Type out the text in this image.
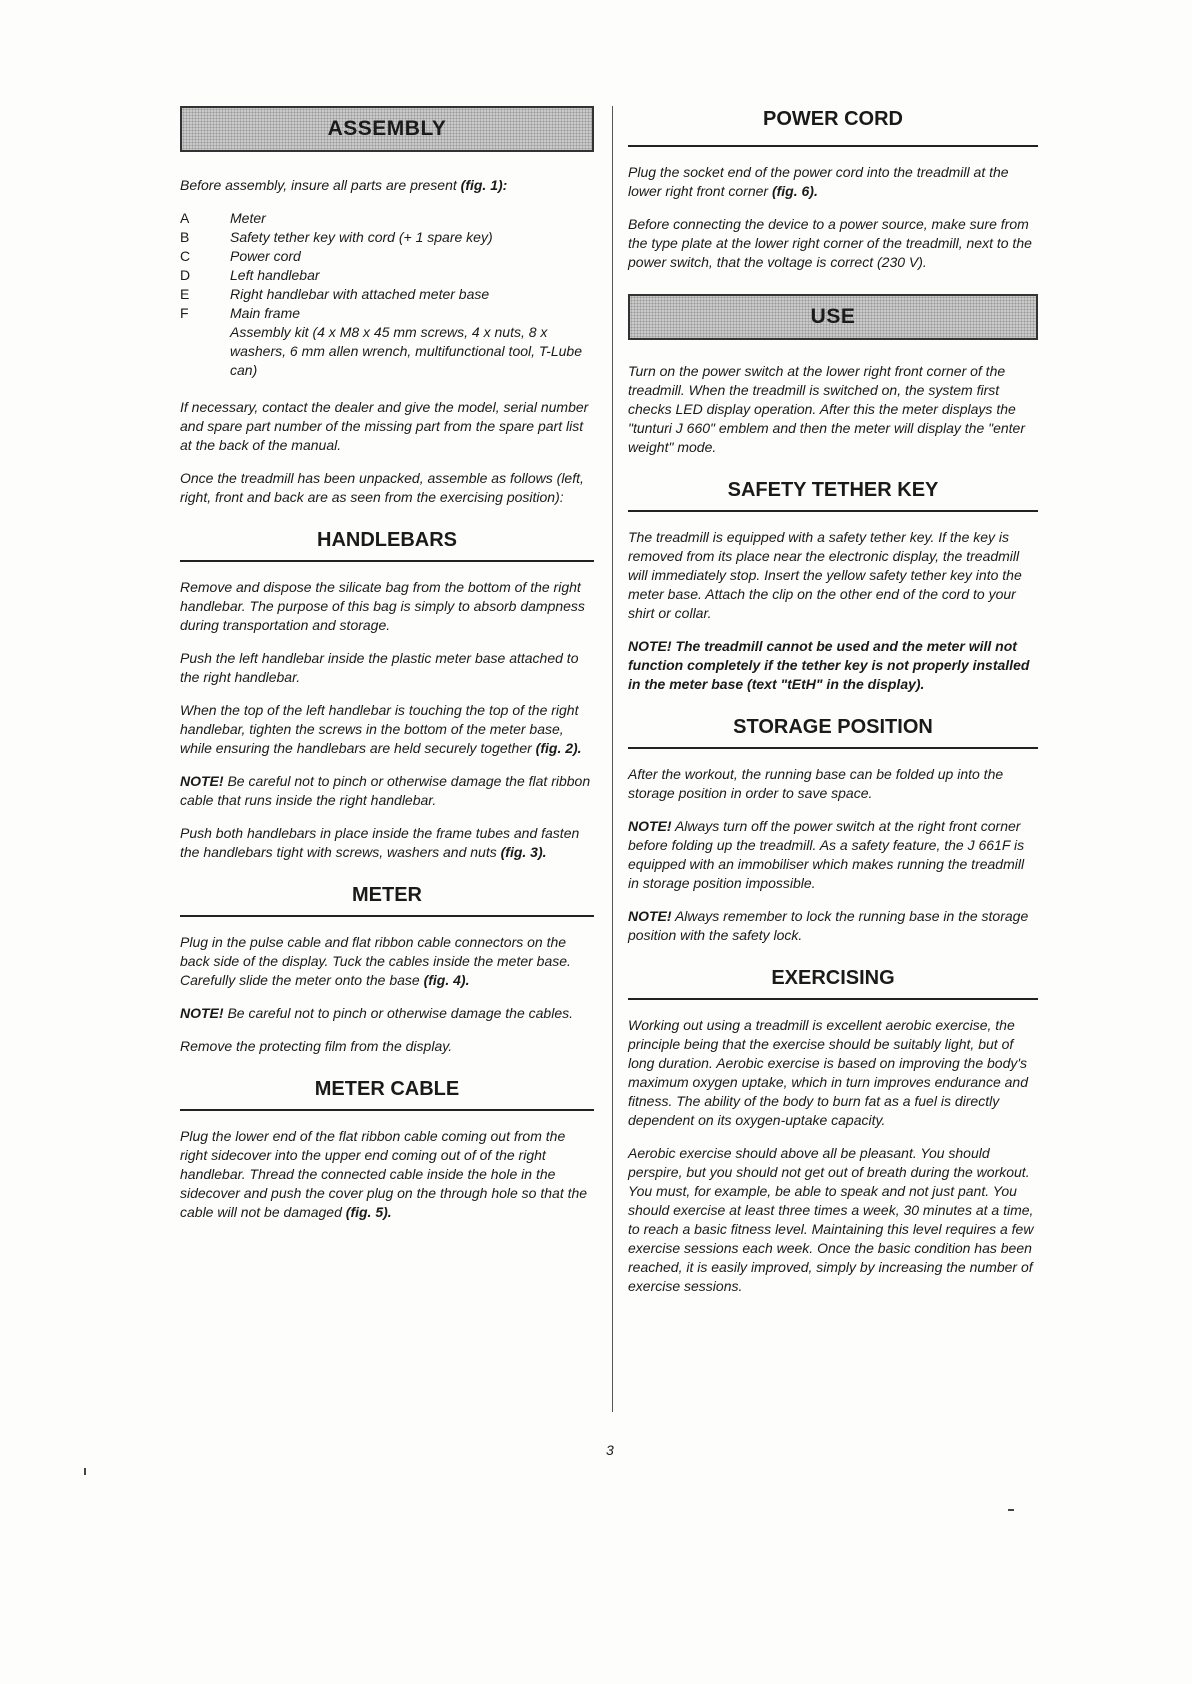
ASSEMBLY

Before assembly, insure all parts are present (fig. 1):

A	Meter
B	Safety tether key with cord (+ 1 spare key)
C	Power cord
D	Left handlebar
E	Right handlebar with attached meter base
F	Main frame
Assembly kit (4 x M8 x 45 mm screws, 4 x nuts, 8 x washers, 6 mm allen wrench, multifunctional tool, T-Lube can)

If necessary, contact the dealer and give the model, serial number and spare part number of the missing part from the spare part list at the back of the manual.

Once the treadmill has been unpacked, assemble as follows (left, right, front and back are as seen from the exercising position):

HANDLEBARS

Remove and dispose the silicate bag from the bottom of the right handlebar. The purpose of this bag is simply to absorb dampness during transportation and storage.

Push the left handlebar inside the plastic meter base attached to the right handlebar.

When the top of the left handlebar is touching the top of the right handlebar, tighten the screws in the bottom of the meter base, while ensuring the handlebars are held securely together (fig. 2).

NOTE! Be careful not to pinch or otherwise damage the flat ribbon cable that runs inside the right handlebar.

Push both handlebars in place inside the frame tubes and fasten the handlebars tight with screws, washers and nuts (fig. 3).

METER

Plug in the pulse cable and flat ribbon cable connectors on the back side of the display. Tuck the cables inside the meter base. Carefully slide the meter onto the base (fig. 4).

NOTE! Be careful not to pinch or otherwise damage the cables.

Remove the protecting film from the display.

METER CABLE

Plug the lower end of the flat ribbon cable coming out from the right sidecover into the upper end coming out of of the right handlebar. Thread the connected cable inside the hole in the sidecover and push the cover plug on the through hole so that the cable will not be damaged (fig. 5).

POWER CORD

Plug the socket end of the power cord into the treadmill at the lower right front corner (fig. 6).

Before connecting the device to a power source, make sure from the type plate at the lower right corner of the treadmill, next to the power switch, that the voltage is correct (230 V).

USE

Turn on the power switch at the lower right front corner of the treadmill. When the treadmill is switched on, the system first checks LED display operation. After this the meter displays the "tunturi J 660" emblem and then the meter will display the "enter weight" mode.

SAFETY TETHER KEY

The treadmill is equipped with a safety tether key. If the key is removed from its place near the electronic display, the treadmill will immediately stop. Insert the yellow safety tether key into the meter base. Attach the clip on the other end of the cord to your shirt or collar.

NOTE! The treadmill cannot be used and the meter will not function completely if the tether key is not properly installed in the meter base (text "tEtH" in the display).

STORAGE POSITION

After the workout, the running base can be folded up into the storage position in order to save space.

NOTE! Always turn off the power switch at the right front corner before folding up the treadmill. As a safety feature, the J 661F is equipped with an immobiliser which makes running the treadmill in storage position impossible.

NOTE! Always remember to lock the running base in the storage position with the safety lock.

EXERCISING

Working out using a treadmill is excellent aerobic exercise, the principle being that the exercise should be suitably light, but of long duration. Aerobic exercise is based on improving the body's maximum oxygen uptake, which in turn improves endurance and fitness. The ability of the body to burn fat as a fuel is directly dependent on its oxygen-uptake capacity.

Aerobic exercise should above all be pleasant. You should perspire, but you should not get out of breath during the workout. You must, for example, be able to speak and not just pant. You should exercise at least three times a week, 30 minutes at a time, to reach a basic fitness level. Maintaining this level requires a few exercise sessions each week. Once the basic condition has been reached, it is easily improved, simply by increasing the number of exercise sessions.

3
